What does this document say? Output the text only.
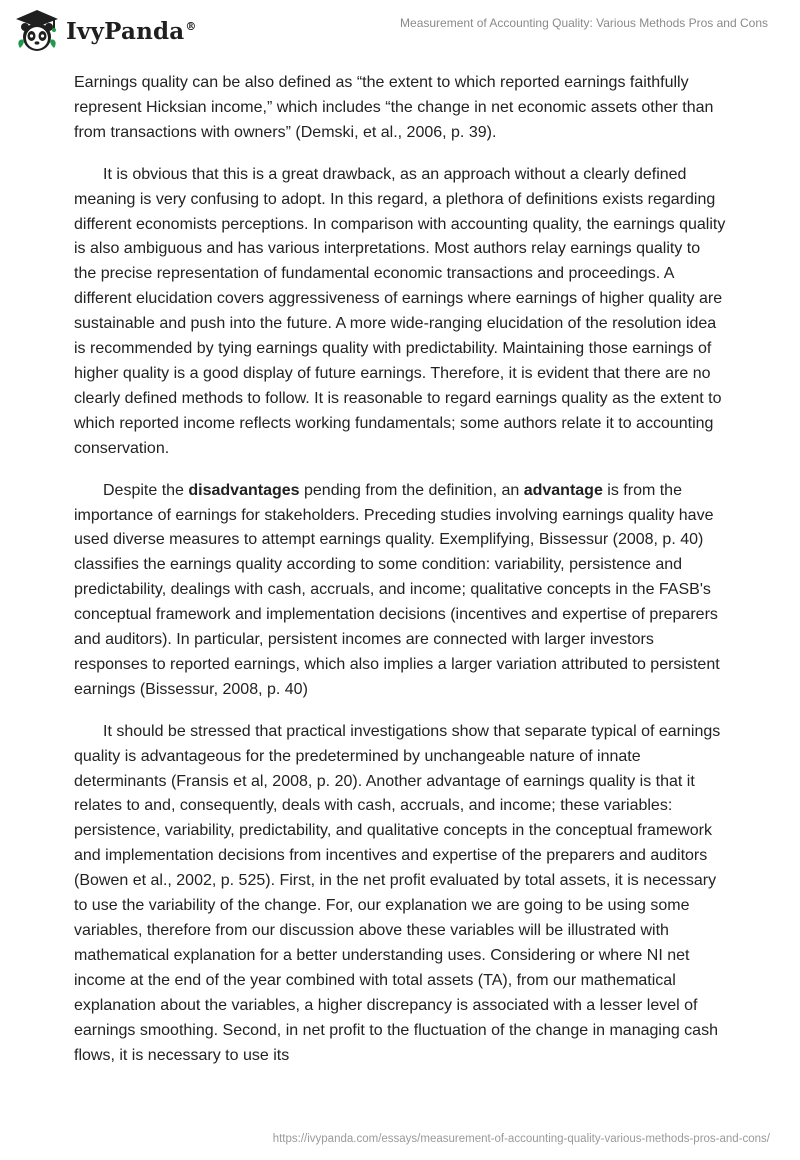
IvyPanda®	Measurement of Accounting Quality: Various Methods Pros and Cons

Earnings quality can be also defined as “the extent to which reported earnings faithfully represent Hicksian income,” which includes “the change in net economic assets other than from transactions with owners” (Demski, et al., 2006, p. 39).

It is obvious that this is a great drawback, as an approach without a clearly defined meaning is very confusing to adopt. In this regard, a plethora of definitions exists regarding different economists perceptions. In comparison with accounting quality, the earnings quality is also ambiguous and has various interpretations. Most authors relay earnings quality to the precise representation of fundamental economic transactions and proceedings. A different elucidation covers aggressiveness of earnings where earnings of higher quality are sustainable and push into the future. A more wide-ranging elucidation of the resolution idea is recommended by tying earnings quality with predictability. Maintaining those earnings of higher quality is a good display of future earnings. Therefore, it is evident that there are no clearly defined methods to follow. It is reasonable to regard earnings quality as the extent to which reported income reflects working fundamentals; some authors relate it to accounting conservation.

Despite the disadvantages pending from the definition, an advantage is from the importance of earnings for stakeholders. Preceding studies involving earnings quality have used diverse measures to attempt earnings quality. Exemplifying, Bissessur (2008, p. 40) classifies the earnings quality according to some condition: variability, persistence and predictability, dealings with cash, accruals, and income; qualitative concepts in the FASB's conceptual framework and implementation decisions (incentives and expertise of preparers and auditors). In particular, persistent incomes are connected with larger investors responses to reported earnings, which also implies a larger variation attributed to persistent earnings (Bissessur, 2008, p. 40)

It should be stressed that practical investigations show that separate typical of earnings quality is advantageous for the predetermined by unchangeable nature of innate determinants (Fransis et al, 2008, p. 20). Another advantage of earnings quality is that it relates to and, consequently, deals with cash, accruals, and income; these variables: persistence, variability, predictability, and qualitative concepts in the conceptual framework and implementation decisions from incentives and expertise of the preparers and auditors (Bowen et al., 2002, p. 525). First, in the net profit evaluated by total assets, it is necessary to use the variability of the change. For, our explanation we are going to be using some variables, therefore from our discussion above these variables will be illustrated with mathematical explanation for a better understanding uses. Considering or where NI net income at the end of the year combined with total assets (TA), from our mathematical explanation about the variables, a higher discrepancy is associated with a lesser level of earnings smoothing. Second, in net profit to the fluctuation of the change in managing cash flows, it is necessary to use its

https://ivypanda.com/essays/measurement-of-accounting-quality-various-methods-pros-and-cons/
